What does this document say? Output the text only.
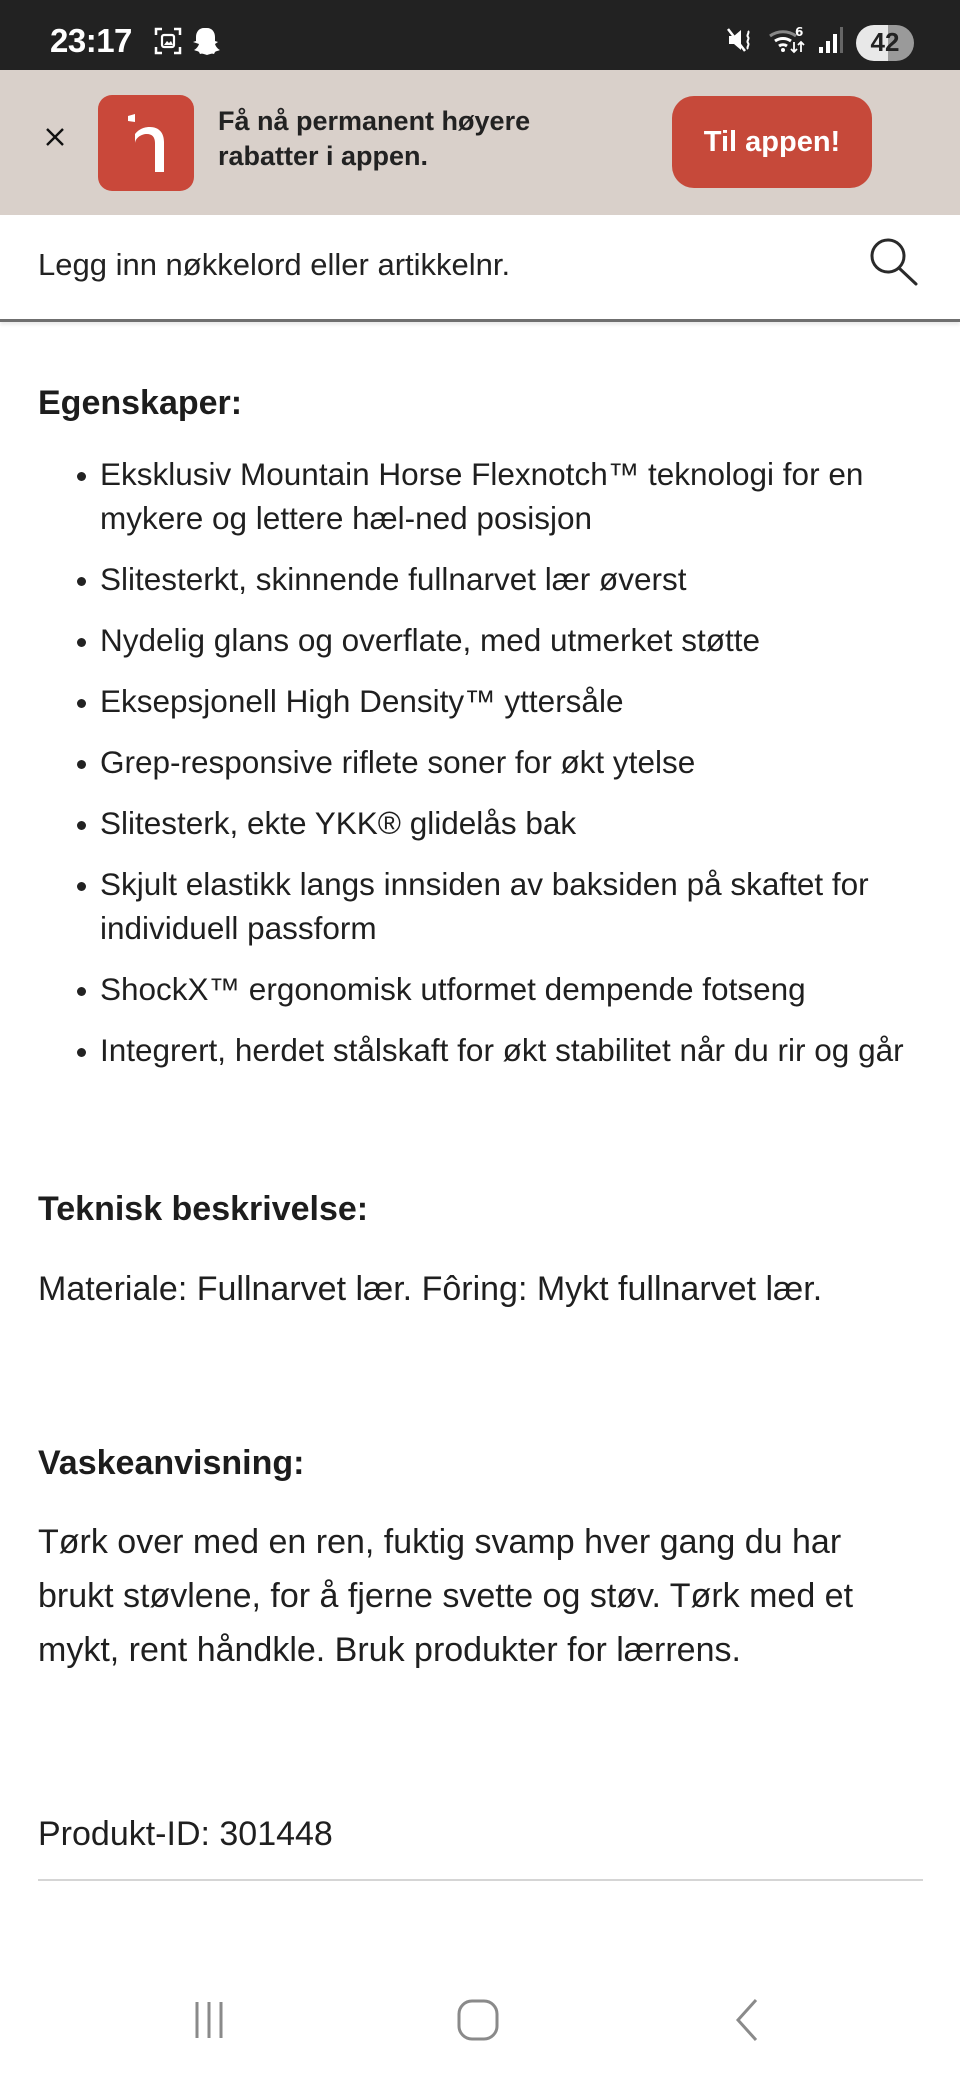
23:17	6	42
Få nå permanent høyere rabatter i appen.	Til appen!
Legg inn nøkkelord eller artikkelnr.
Egenskaper:
Eksklusiv Mountain Horse Flexnotch™ teknologi for en mykere og lettere hæl-ned posisjon
Slitesterkt, skinnende fullnarvet lær øverst
Nydelig glans og overflate, med utmerket støtte
Eksepsjonell High Density™ yttersåle
Grep-responsive riflete soner for økt ytelse
Slitesterk, ekte YKK® glidelås bak
Skjult elastikk langs innsiden av baksiden på skaftet for individuell passform
ShockX™ ergonomisk utformet dempende fotseng
Integrert, herdet stålskaft for økt stabilitet når du rir og går
Teknisk beskrivelse:

Materiale: Fullnarvet lær. Fôring: Mykt fullnarvet lær.

Vaskeanvisning:

Tørk over med en ren, fuktig svamp hver gang du har brukt støvlene, for å fjerne svette og støv. Tørk med et mykt, rent håndkle. Bruk produkter for lærrens.

Produkt-ID: 301448
